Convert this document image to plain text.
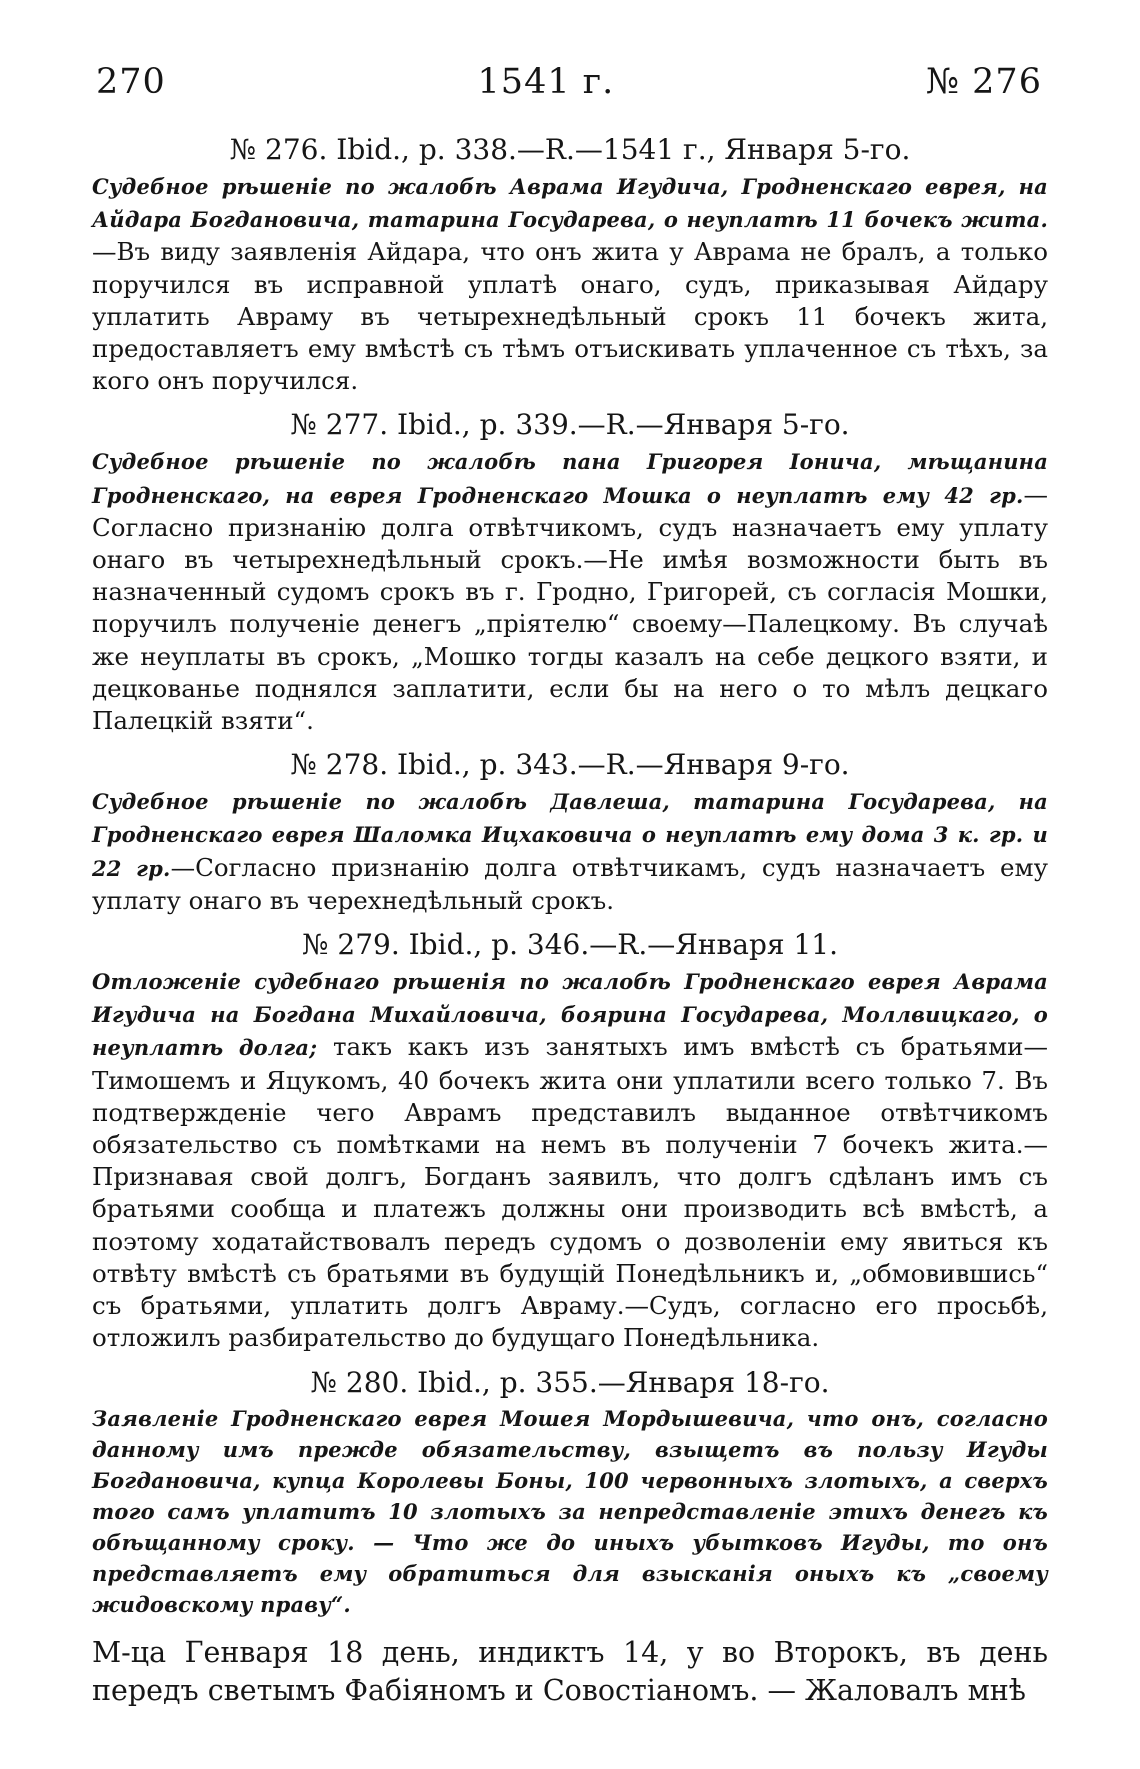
270	1541 г.	№ 276

№ 276. Ibid., p. 338.—R.—1541 г., Января 5-го.

Судебное рѣшеніе по жалобѣ Аврама Игудича, Гродненскаго еврея, на Айдара Богдановича, татарина Государева, о неуплатѣ 11 бочекъ жита.—Въ виду заявленія Айдара, что онъ жита у Аврама не бралъ, а только поручился въ исправной уплатѣ онаго, судъ, приказывая Айдару уплатить Авраму въ четырехнедѣльный срокъ 11 бочекъ жита, предоставляетъ ему вмѣстѣ съ тѣмъ отъискивать уплаченное съ тѣхъ, за кого онъ поручился.

№ 277. Ibid., p. 339.—R.—Января 5-го.

Судебное рѣшеніе по жалобѣ пана Григорея Іонича, мѣщанина Гродненскаго, на еврея Гродненскаго Мошка о неуплатѣ ему 42 гр.—Согласно признанію долга отвѣтчикомъ, судъ назначаетъ ему уплату онаго въ четырехнедѣльный срокъ.—Не имѣя возможности быть въ назначенный судомъ срокъ въ г. Гродно, Григорей, съ согласія Мошки, поручилъ полученіе денегъ „пріятелю“ своему—Палецкому. Въ случаѣ же неуплаты въ срокъ, „Мошко тогды казалъ на себе децкого взяти, и децкованье поднялся заплатити, если бы на него о то мѣлъ децкаго Палецкій взяти“.

№ 278. Ibid., p. 343.—R.—Января 9-го.

Судебное рѣшеніе по жалобѣ Давлеша, татарина Государева, на Гродненскаго еврея Шаломка Ицхаковича о неуплатѣ ему дома 3 к. гр. и 22 гр.—Согласно признанію долга отвѣтчикамъ, судъ назначаетъ ему уплату онаго въ черехнедѣльный срокъ.

№ 279. Ibid., p. 346.—R.—Января 11.

Отложеніе судебнаго рѣшенія по жалобѣ Гродненскаго еврея Аврама Игудича на Богдана Михайловича, боярина Государева, Моллвицкаго, о неуплатѣ долга; такъ какъ изъ занятыхъ имъ вмѣстѣ съ братьями—Тимошемъ и Яцукомъ, 40 бочекъ жита они уплатили всего только 7. Въ подтвержденіе чего Аврамъ представилъ выданное отвѣтчикомъ обязательство съ помѣтками на немъ въ полученіи 7 бочекъ жита.—Признавая свой долгъ, Богданъ заявилъ, что долгъ сдѣланъ имъ съ братьями сообща и платежъ должны они производить всѣ вмѣстѣ, а поэтому ходатайствовалъ передъ судомъ о дозволеніи ему явиться къ отвѣту вмѣстѣ съ братьями въ будущій Понедѣльникъ и, „обмовившись“ съ братьями, уплатить долгъ Авраму.—Судъ, согласно его просьбѣ, отложилъ разбирательство до будущаго Понедѣльника.

№ 280. Ibid., p. 355.—Января 18-го.

Заявленіе Гродненскаго еврея Мошея Мордышевича, что онъ, согласно данному имъ прежде обязательству, взыщетъ въ пользу Игуды Богдановича, купца Королевы Боны, 100 червонныхъ злотыхъ, а сверхъ того самъ уплатитъ 10 злотыхъ за непредставленіе этихъ денегъ къ обѣщанному сроку. — Что же до иныхъ убытковъ Игуды, то онъ представляетъ ему обратиться для взысканія оныхъ къ „своему жидовскому праву“.

М-ца Генваря 18 день, индиктъ 14, у во Второкъ, въ день передъ светымъ Фабіяномъ и Совостіаномъ. — Жаловалъ мнѣ
